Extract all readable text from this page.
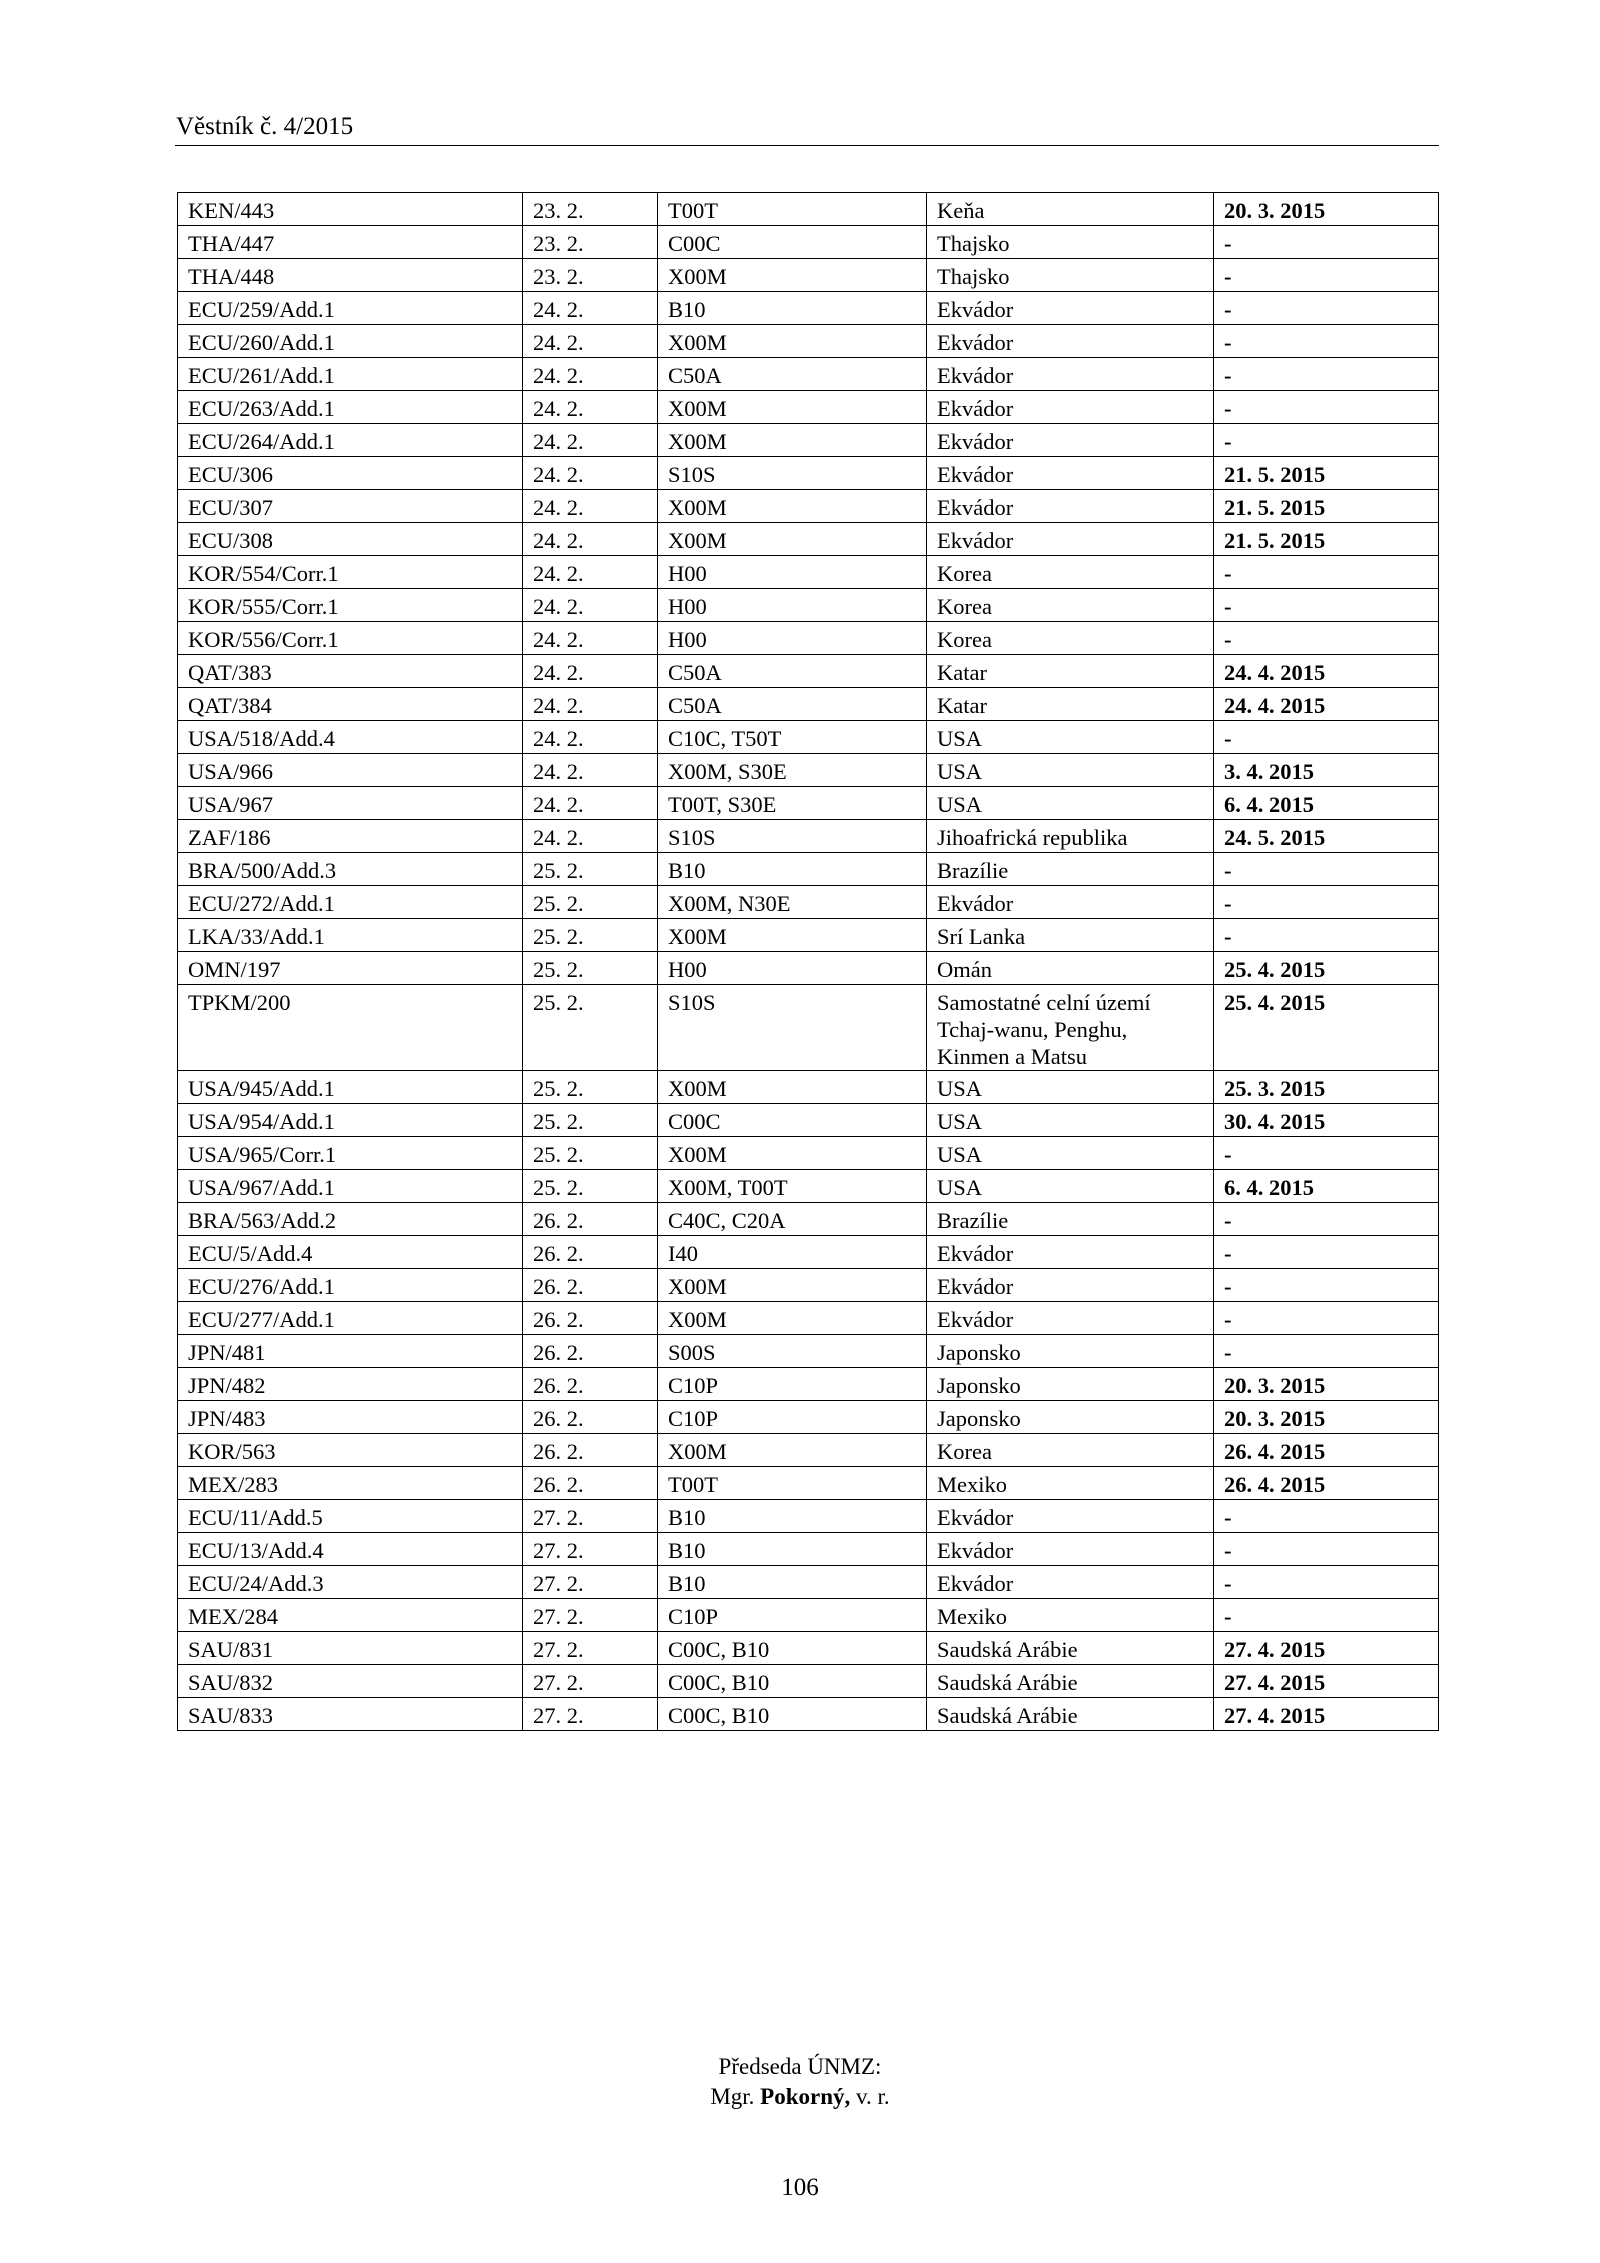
Věstník č. 4/2015
KEN/443	23. 2.	T00T	Keňa	20. 3. 2015
THA/447	23. 2.	C00C	Thajsko	-
THA/448	23. 2.	X00M	Thajsko	-
ECU/259/Add.1	24. 2.	B10	Ekvádor	-
ECU/260/Add.1	24. 2.	X00M	Ekvádor	-
ECU/261/Add.1	24. 2.	C50A	Ekvádor	-
ECU/263/Add.1	24. 2.	X00M	Ekvádor	-
ECU/264/Add.1	24. 2.	X00M	Ekvádor	-
ECU/306	24. 2.	S10S	Ekvádor	21. 5. 2015
ECU/307	24. 2.	X00M	Ekvádor	21. 5. 2015
ECU/308	24. 2.	X00M	Ekvádor	21. 5. 2015
KOR/554/Corr.1	24. 2.	H00	Korea	-
KOR/555/Corr.1	24. 2.	H00	Korea	-
KOR/556/Corr.1	24. 2.	H00	Korea	-
QAT/383	24. 2.	C50A	Katar	24. 4. 2015
QAT/384	24. 2.	C50A	Katar	24. 4. 2015
USA/518/Add.4	24. 2.	C10C, T50T	USA	-
USA/966	24. 2.	X00M, S30E	USA	3. 4. 2015
USA/967	24. 2.	T00T, S30E	USA	6. 4. 2015
ZAF/186	24. 2.	S10S	Jihoafrická republika	24. 5. 2015
BRA/500/Add.3	25. 2.	B10	Brazílie	-
ECU/272/Add.1	25. 2.	X00M, N30E	Ekvádor	-
LKA/33/Add.1	25. 2.	X00M	Srí Lanka	-
OMN/197	25. 2.	H00	Omán	25. 4. 2015
TPKM/200	25. 2.	S10S	Samostatné celní území Tchaj-wanu, Penghu, Kinmen a Matsu	25. 4. 2015
USA/945/Add.1	25. 2.	X00M	USA	25. 3. 2015
USA/954/Add.1	25. 2.	C00C	USA	30. 4. 2015
USA/965/Corr.1	25. 2.	X00M	USA	-
USA/967/Add.1	25. 2.	X00M, T00T	USA	6. 4. 2015
BRA/563/Add.2	26. 2.	C40C, C20A	Brazílie	-
ECU/5/Add.4	26. 2.	I40	Ekvádor	-
ECU/276/Add.1	26. 2.	X00M	Ekvádor	-
ECU/277/Add.1	26. 2.	X00M	Ekvádor	-
JPN/481	26. 2.	S00S	Japonsko	-
JPN/482	26. 2.	C10P	Japonsko	20. 3. 2015
JPN/483	26. 2.	C10P	Japonsko	20. 3. 2015
KOR/563	26. 2.	X00M	Korea	26. 4. 2015
MEX/283	26. 2.	T00T	Mexiko	26. 4. 2015
ECU/11/Add.5	27. 2.	B10	Ekvádor	-
ECU/13/Add.4	27. 2.	B10	Ekvádor	-
ECU/24/Add.3	27. 2.	B10	Ekvádor	-
MEX/284	27. 2.	C10P	Mexiko	-
SAU/831	27. 2.	C00C, B10	Saudská Arábie	27. 4. 2015
SAU/832	27. 2.	C00C, B10	Saudská Arábie	27. 4. 2015
SAU/833	27. 2.	C00C, B10	Saudská Arábie	27. 4. 2015
Předseda ÚNMZ:
Mgr. Pokorný, v. r.
106
